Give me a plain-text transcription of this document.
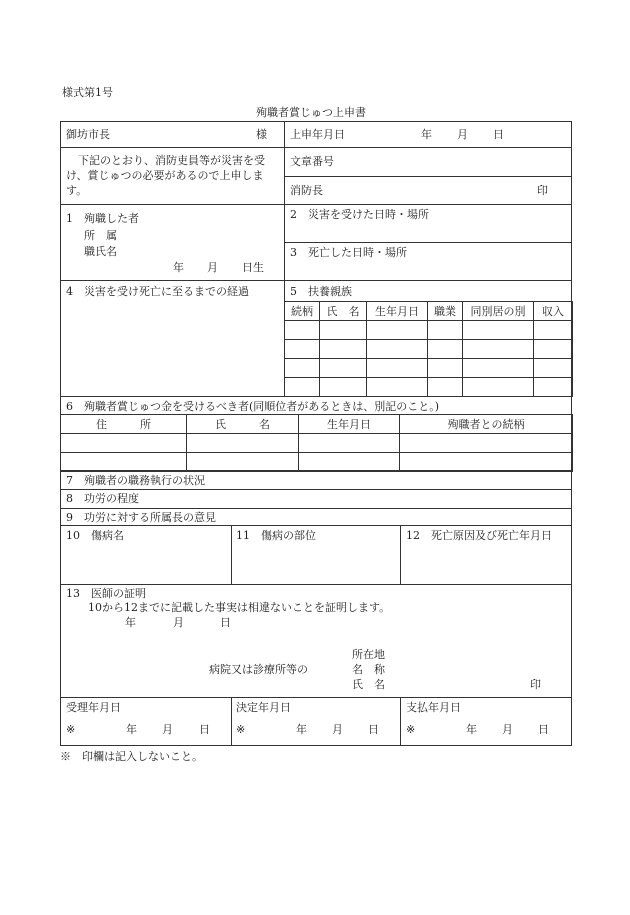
様式第1号
殉職者賞じゅつ上申書
御坊市長	様 上申年月日	年 月 日
下記のとおり、消防吏員等が災害を受
け、賞じゅつの必要があるので上申しま
す。
文章番号
消防長	印
1　殉職した者
所　属
職氏名
年 月 日生
2　災害を受けた日時・場所
3　死亡した日時・場所
4　災害を受け死亡に至るまでの経過	5　扶養親族
続柄	氏　名	生年月日	職業	同別居の別	収入

6　殉職者賞じゅつ金を受けるべき者(同順位者があるときは、別記のこと。)
住　　　所	氏　　　名	生年月日	殉職者との続柄

7　殉職者の職務執行の状況
8　功労の程度
9　功労に対する所属長の意見
10　傷病名	11　傷病の部位	12　死亡原因及び死亡年月日
13　医師の証明
10から12までに記載した事実は相違ないことを証明します。
年	月	日
所在地
病院又は診療所等の	名　称
氏　名	印
受理年月日
※	年 月 日
決定年月日
※	年 月 日
支払年月日
※	年 月 日
※　印欄は記入しないこと。
